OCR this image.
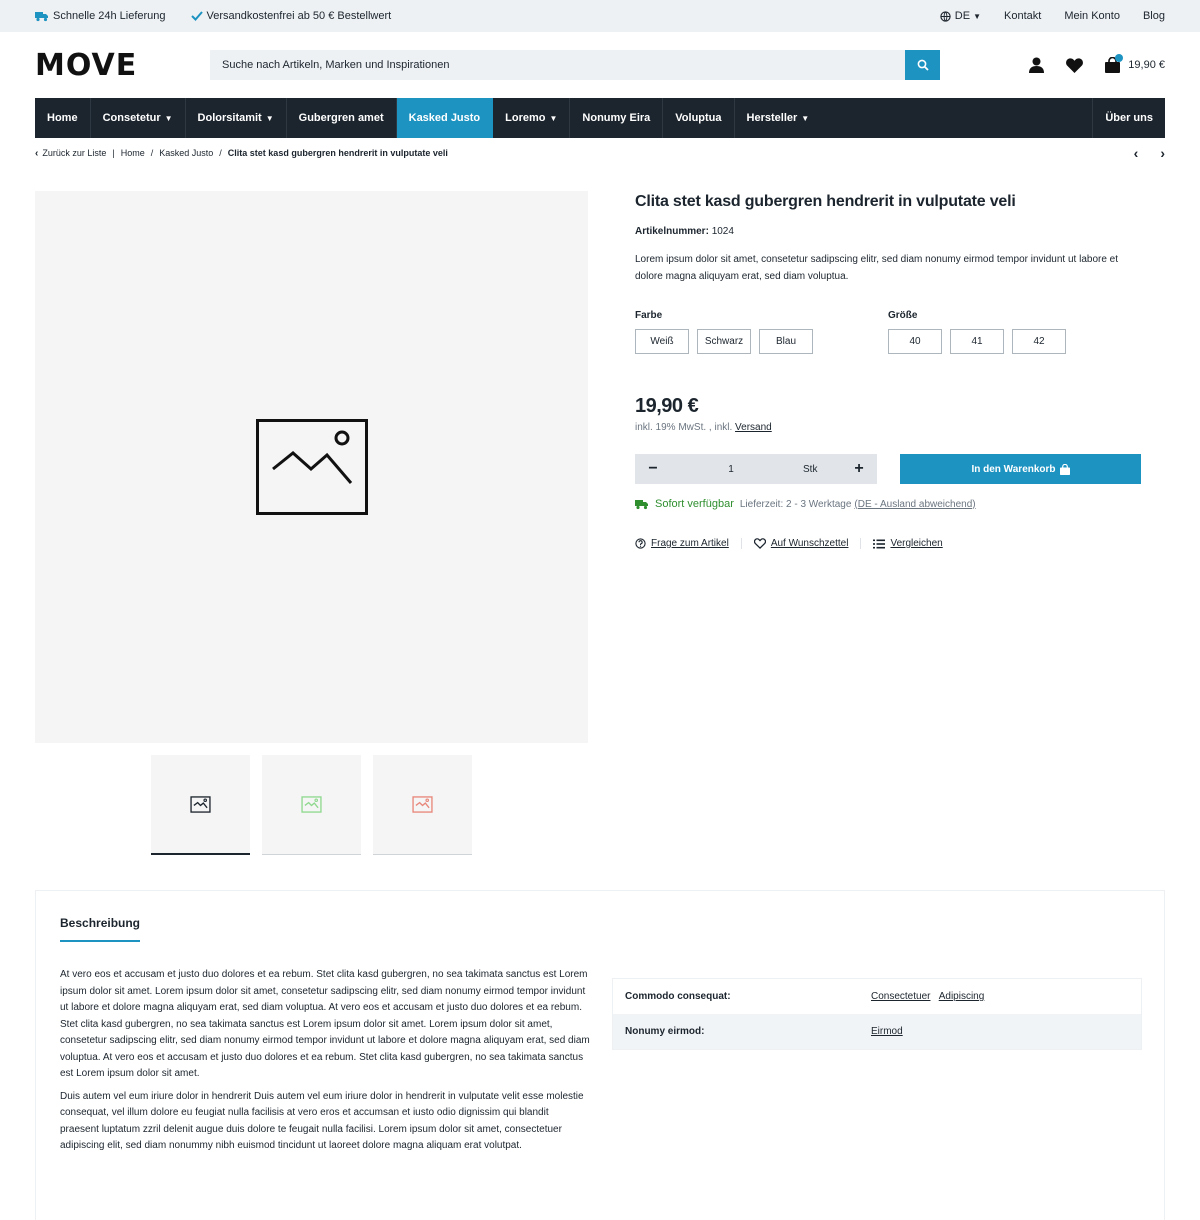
Schnelle 24h Lieferung	Versandkostenfrei ab 50 € Bestellwert	DE ▼ Kontakt Mein Konto Blog
MOVE
Suche nach Artikeln, Marken und Inspirationen	19,90 €
Home Consetetur ▼ Dolorsitamit ▼ Gubergren amet Kasked Justo Loremo ▼ Nonumy Eira Voluptua Hersteller ▼	Über uns
‹ Zurück zur Liste | Home / Kasked Justo / Clita stet kasd gubergren hendrerit in vulputate veli	‹ ›
Clita stet kasd gubergren hendrerit in vulputate veli
Artikelnummer: 1024
Lorem ipsum dolor sit amet, consetetur sadipscing elitr, sed diam nonumy eirmod tempor invidunt ut labore et dolore magna aliquyam erat, sed diam voluptua.
Farbe
Weiß	Schwarz	Blau
Größe
40	41	42
19,90 €
inkl. 19% MwSt. , inkl. Versand
−	1	Stk	+	In den Warenkorb
Sofort verfügbar Lieferzeit: 2 - 3 Werktage (DE - Ausland abweichend)
Frage zum Artikel	Auf Wunschzettel	Vergleichen
Beschreibung

At vero eos et accusam et justo duo dolores et ea rebum. Stet clita kasd gubergren, no sea takimata sanctus est Lorem ipsum dolor sit amet. Lorem ipsum dolor sit amet, consetetur sadipscing elitr, sed diam nonumy eirmod tempor invidunt ut labore et dolore magna aliquyam erat, sed diam voluptua. At vero eos et accusam et justo duo dolores et ea rebum. Stet clita kasd gubergren, no sea takimata sanctus est Lorem ipsum dolor sit amet. Lorem ipsum dolor sit amet, consetetur sadipscing elitr, sed diam nonumy eirmod tempor invidunt ut labore et dolore magna aliquyam erat, sed diam voluptua. At vero eos et accusam et justo duo dolores et ea rebum. Stet clita kasd gubergren, no sea takimata sanctus est Lorem ipsum dolor sit amet.

Duis autem vel eum iriure dolor in hendrerit Duis autem vel eum iriure dolor in hendrerit in vulputate velit esse molestie consequat, vel illum dolore eu feugiat nulla facilisis at vero eros et accumsan et iusto odio dignissim qui blandit praesent luptatum zzril delenit augue duis dolore te feugait nulla facilisi. Lorem ipsum dolor sit amet, consectetuer adipiscing elit, sed diam nonummy nibh euismod tincidunt ut laoreet dolore magna aliquam erat volutpat.

Commodo consequat:	Consectetuer Adipiscing
Nonumy eirmod:	Eirmod
